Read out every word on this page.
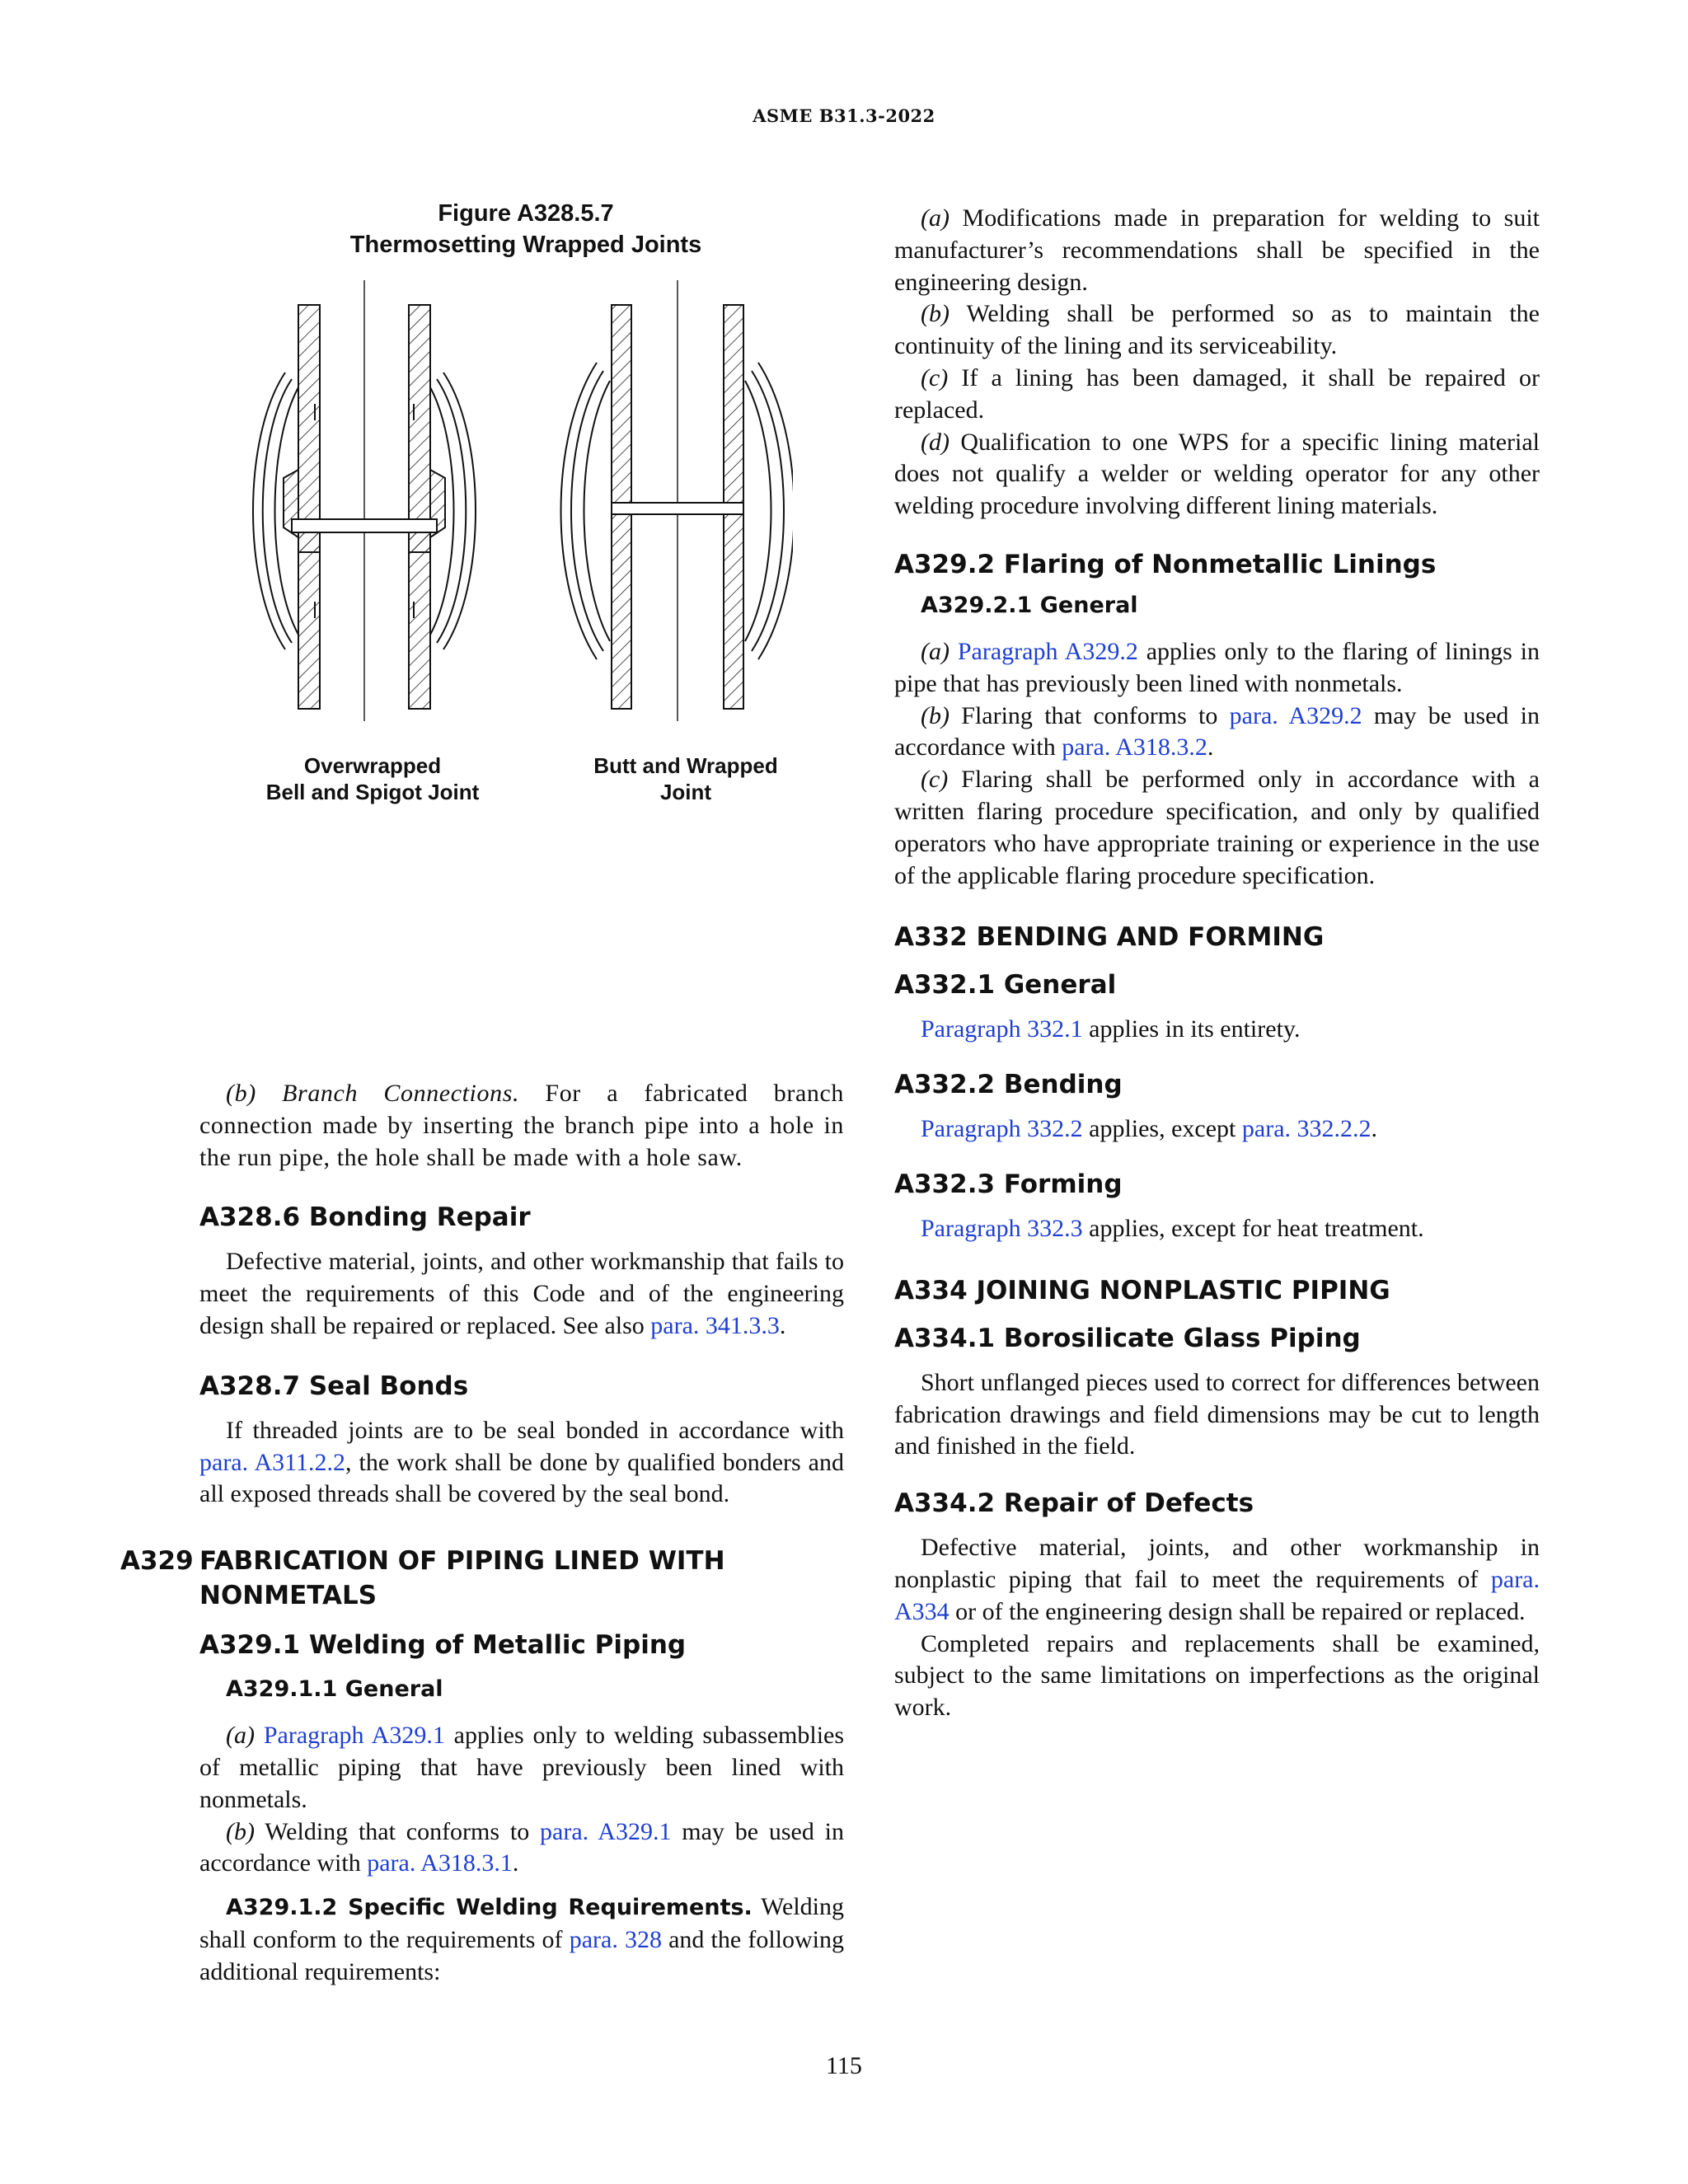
ASME B31.3-2022
Figure A328.5.7
Thermosetting Wrapped Joints
Overwrapped
Bell and Spigot Joint
Butt and Wrapped
Joint

(b) Branch Connections. For a fabricated branch connection made by inserting the branch pipe into a hole in the run pipe, the hole shall be made with a hole saw.

A328.6 Bonding Repair

Defective material, joints, and other workmanship that fails to meet the requirements of this Code and of the engineering design shall be repaired or replaced. See also para. 341.3.3.

A328.7 Seal Bonds

If threaded joints are to be seal bonded in accordance with para. A311.2.2, the work shall be done by qualified bonders and all exposed threads shall be covered by the seal bond.

A329 FABRICATION OF PIPING LINED WITH NONMETALS
A329.1 Welding of Metallic Piping
A329.1.1 General

(a) Paragraph A329.1 applies only to welding subassemblies of metallic piping that have previously been lined with nonmetals.

(b) Welding that conforms to para. A329.1 may be used in accordance with para. A318.3.1.

A329.1.2 Specific Welding Requirements. Welding shall conform to the requirements of para. 328 and the following additional requirements:

(a) Modifications made in preparation for welding to suit manufacturer’s recommendations shall be specified in the engineering design.

(b) Welding shall be performed so as to maintain the continuity of the lining and its serviceability.

(c) If a lining has been damaged, it shall be repaired or replaced.

(d) Qualification to one WPS for a specific lining material does not qualify a welder or welding operator for any other welding procedure involving different lining materials.

A329.2 Flaring of Nonmetallic Linings
A329.2.1 General

(a) Paragraph A329.2 applies only to the flaring of linings in pipe that has previously been lined with nonmetals.

(b) Flaring that conforms to para. A329.2 may be used in accordance with para. A318.3.2.

(c) Flaring shall be performed only in accordance with a written flaring procedure specification, and only by qualified operators who have appropriate training or experience in the use of the applicable flaring procedure specification.

A332 BENDING AND FORMING
A332.1 General

Paragraph 332.1 applies in its entirety.

A332.2 Bending

Paragraph 332.2 applies, except para. 332.2.2.

A332.3 Forming

Paragraph 332.3 applies, except for heat treatment.

A334 JOINING NONPLASTIC PIPING
A334.1 Borosilicate Glass Piping

Short unflanged pieces used to correct for differences between fabrication drawings and field dimensions may be cut to length and finished in the field.

A334.2 Repair of Defects

Defective material, joints, and other workmanship in nonplastic piping that fail to meet the requirements of para. A334 or of the engineering design shall be repaired or replaced.

Completed repairs and replacements shall be examined, subject to the same limitations on imperfections as the original work.

115
